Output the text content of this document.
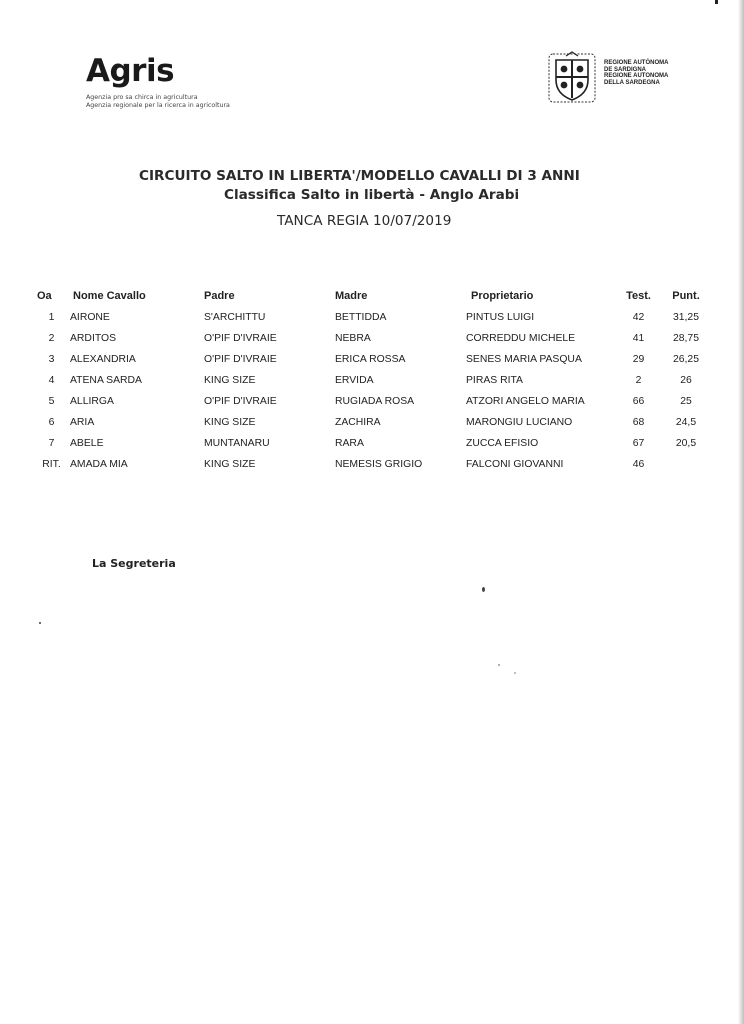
Agris
Agenzia pro sa chirca in agricultura
Agenzia regionale per la ricerca in agricoltura
REGIONE AUTÒNOMA
DE SARDIGNA
REGIONE AUTONOMA
DELLA SARDEGNA
CIRCUITO SALTO IN LIBERTA'/MODELLO CAVALLI DI 3 ANNI
Classifica Salto in libertà - Anglo Arabi
TANCA REGIA 10/07/2019
Oa	Nome Cavallo	Padre	Madre	Proprietario	Test.	Punt.
1	AIRONE	S'ARCHITTU	BETTIDDA	PINTUS LUIGI	42	31,25
2	ARDITOS	O'PIF D'IVRAIE	NEBRA	CORREDDU MICHELE	41	28,75
3	ALEXANDRIA	O'PIF D'IVRAIE	ERICA ROSSA	SENES MARIA PASQUA	29	26,25
4	ATENA SARDA	KING SIZE	ERVIDA	PIRAS RITA	2	26
5	ALLIRGA	O'PIF D'IVRAIE	RUGIADA ROSA	ATZORI ANGELO MARIA	66	25
6	ARIA	KING SIZE	ZACHIRA	MARONGIU LUCIANO	68	24,5
7	ABELE	MUNTANARU	RARA	ZUCCA EFISIO	67	20,5
RIT.	AMADA MIA	KING SIZE	NEMESIS GRIGIO	FALCONI GIOVANNI	46	
La Segreteria
